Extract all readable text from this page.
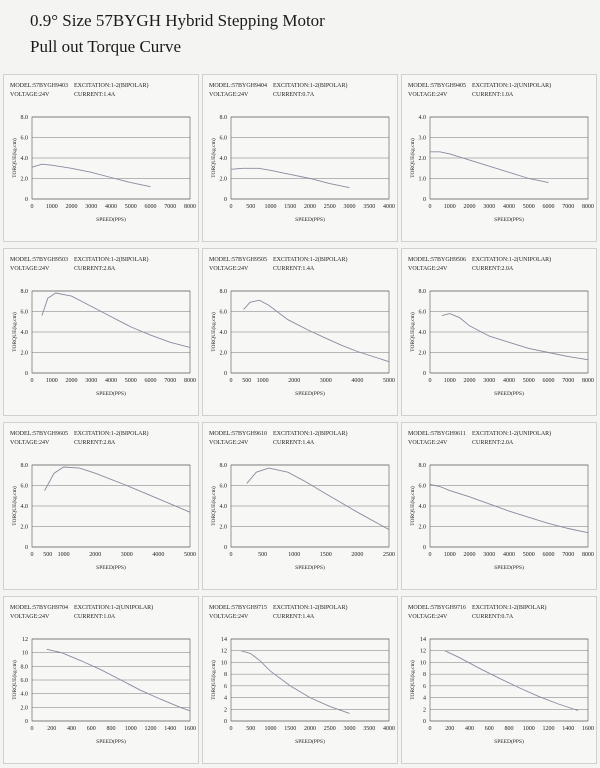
0.9° Size 57BYGH Hybrid Stepping Motor
Pull out Torque Curve
MODEL:57BYGH9403 EXCITATION:1-2(BIPOLAR)
VOLTAGE:24V	CURRENT:1.4A
0
2.0
4.0
6.0
8.0
0 1000 2000 3000 4000 5000 6000 7000 8000
SPEED(PPS)
TORQUE(kg.cm)
MODEL:57BYGH9404 EXCITATION:1-2(BIPOLAR)
VOLTAGE:24V	CURRENT:0.7A
0
2.0
4.0
6.0
8.0
0 500 1000 1500 2000 2500 3000 3500 4000
SPEED(PPS)
TORQUE(kg.cm)
MODEL:57BYGH9405 EXCITATION:1-2(UNIPOLAR)
VOLTAGE:24V	CURRENT:1.0A
0
1.0
2.0
3.0
4.0
0 1000 2000 3000 4000 5000 6000 7000 8000
SPEED(PPS)
TORQUE(kg.cm)
MODEL:57BYGH9503 EXCITATION:1-2(BIPOLAR)
VOLTAGE:24V	CURRENT:2.8A
0
2.0
4.0
6.0
8.0
0 1000 2000 3000 4000 5000 6000 7000 8000
SPEED(PPS)
TORQUE(kg.cm)
MODEL:57BYGH9505 EXCITATION:1-2(BIPOLAR)
VOLTAGE:24V	CURRENT:1.4A
0
2.0
4.0
6.0
8.0
0 500 1000	2000	3000	4000	5000
SPEED(PPS)
TORQUE(kg.cm)
MODEL:57BYGH9506 EXCITATION:1-2(UNIPOLAR)
VOLTAGE:24V	CURRENT:2.0A
0
2.0
4.0
6.0
8.0
0 1000 2000 3000 4000 5000 6000 7000 8000
SPEED(PPS)
TORQUE(kg.cm)
MODEL:57BYGH9605 EXCITATION:1-2(BIPOLAR)
VOLTAGE:24V	CURRENT:2.8A
0
2.0
4.0
6.0
8.0
0 500 1000	2000	3000	4000	5000
SPEED(PPS)
TORQUE(kg.cm)
MODEL:57BYGH9610 EXCITATION:1-2(BIPOLAR)
VOLTAGE:24V	CURRENT:1.4A
0
2.0
4.0
6.0
8.0
0	500	1000	1500	2000	2500
SPEED(PPS)
TORQUE(kg.cm)
MODEL:57BYGH9611 EXCITATION:1-2(UNIPOLAR)
VOLTAGE:24V	CURRENT:2.0A
0
2.0
4.0
6.0
8.0
0 1000 2000 3000 4000 5000 6000 7000 8000
SPEED(PPS)
TORQUE(kg.cm)
MODEL:57BYGH9704 EXCITATION:1-2(UNIPOLAR)
VOLTAGE:24V	CURRENT:1.0A
0
2.0
4.0
6.0
8.0
10
12
0 200 400 600 800 1000 1200 1400 1600
SPEED(PPS)
TORQUE(kg.cm)
MODEL:57BYGH9715 EXCITATION:1-2(BIPOLAR)
VOLTAGE:24V	CURRENT:1.4A
0
2
4
6
8
10
12
14
0 500 1000 1500 2000 2500 3000 3500 4000
SPEED(PPS)
TORQUE(kg.cm)
MODEL:57BYGH9716 EXCITATION:1-2(BIPOLAR)
VOLTAGE:24V	CURRENT:0.7A
0
2
4
6
8
10
12
14
0 200 400 600 800 1000 1200 1400 1600
SPEED(PPS)
TORQUE(kg.cm)
